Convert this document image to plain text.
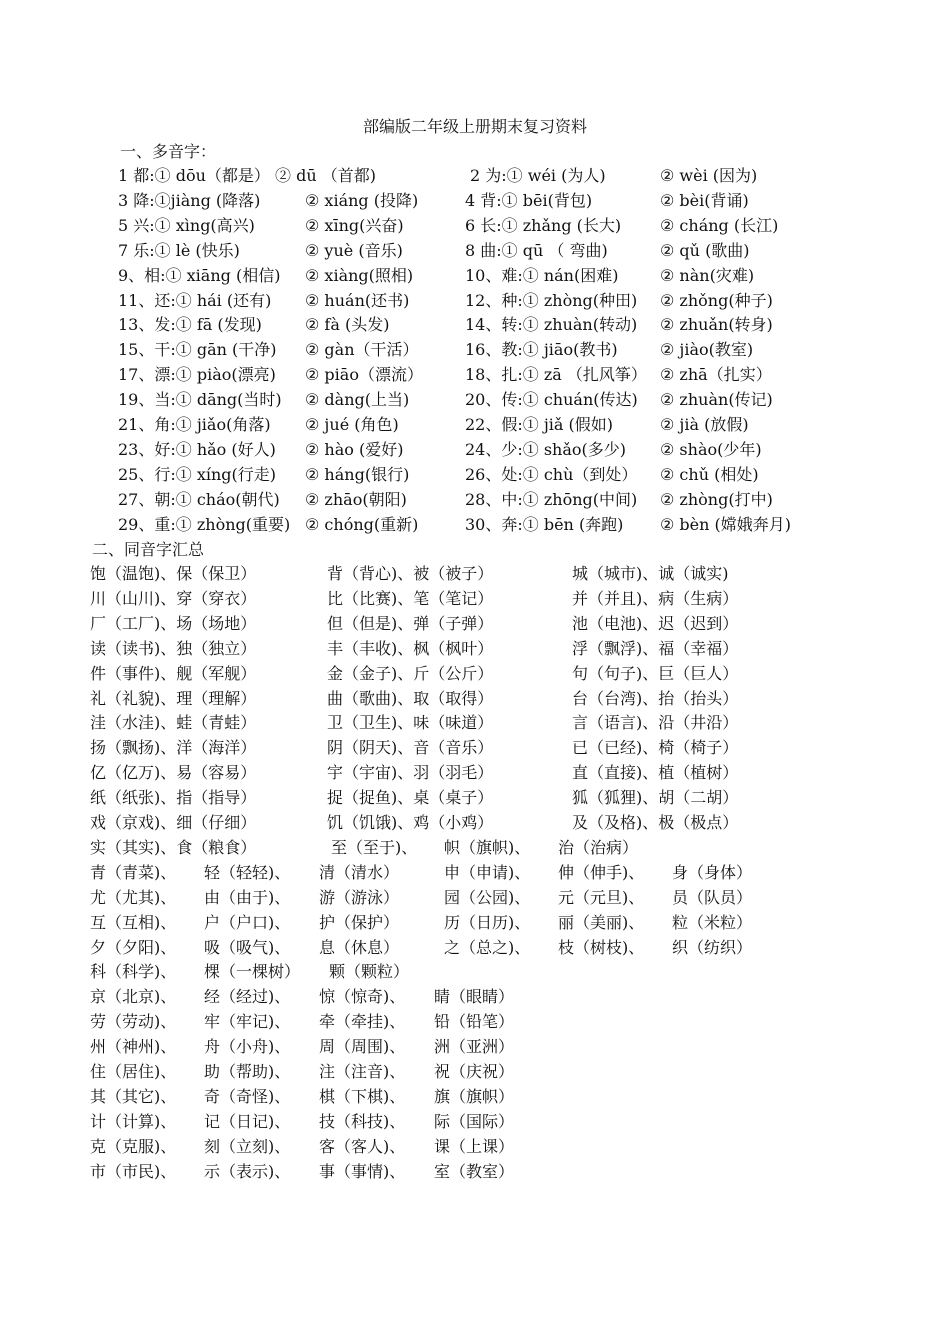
部编版二年级上册期末复习资料
一、多音字：
二、同音字汇总
1 都:① dōu（都是） ② dū （首都)	2 为:① wéi (为人)	② wèi (因为)
3 降:①jiàng (降落)	② xiáng (投降)	4 背:① bēi(背包)	② bèi(背诵)
5 兴:① xìng(高兴)	② xīng(兴奋)	6 长:① zhǎng (长大) ② cháng (长江)
7 乐:① lè (快乐)	② yuè (音乐)	8 曲:① qū （ 弯曲)	② qǔ (歌曲)
9、相:① xiāng (相信) ② xiàng(照相)	10、难:① nán(困难)	② nàn(灾难)
11、还:① hái (还有) ② huán(还书)	12、种:① zhòng(种田) ② zhǒng(种子)
13、发:① fā (发现)	② fà (头发)	14、转:① zhuàn(转动) ② zhuǎn(转身)
15、干:① gān (干净) ② gàn（干活）	16、教:① jiāo(教书)	② jiào(教室)
17、漂:① piào(漂亮) ② piāo（漂流）	18、扎:① zā （扎风筝） ② zhā（扎实）
19、当:① dāng(当时) ② dàng(上当)	20、传:① chuán(传达) ② zhuàn(传记)
21、角:① jiǎo(角落) ② jué (角色)	22、假:① jiǎ (假如)	② jià (放假)
23、好:① hǎo (好人) ② hào (爱好)	24、少:① shǎo(多少) ② shào(少年)
25、行:① xíng(行走) ② háng(银行)	26、处:① chù（到处） ② chǔ (相处)
27、朝:① cháo(朝代) ② zhāo(朝阳)	28、中:① zhōng(中间) ② zhòng(打中)
29、重:① zhòng(重要) ② chóng(重新)	30、奔:① bēn (奔跑) ② bèn (嫦娥奔月)
饱（温饱)、保（保卫）	背（背心)、被（被子）	城（城市)、诚（诚实)
川（山川)、穿（穿衣）	比（比赛)、笔（笔记）	并（并且)、病（生病）
厂（工厂)、场（场地）	但（但是)、弹（子弹）	池（电池)、迟（迟到）
读（读书)、独（独立）	丰（丰收)、枫（枫叶）	浮（飘浮)、福（幸福）
件（事件)、舰（军舰）	金（金子)、斤（公斤）	句（句子)、巨（巨人）
礼（礼貌)、理（理解）	曲（歌曲)、取（取得）	台（台湾)、抬（抬头）
洼（水洼)、蛙（青蛙）	卫（卫生)、味（味道）	言（语言)、沿（井沿）
扬（飘扬)、洋（海洋）	阴（阴天)、音（音乐）	已（已经)、椅（椅子）
亿（亿万)、易（容易）	宇（宇宙)、羽（羽毛）	直（直接)、植（植树）
纸（纸张)、指（指导）	捉（捉鱼)、桌（桌子）	狐（狐狸)、胡（二胡）
戏（京戏)、细（仔细）	饥（饥饿)、鸡（小鸡）	及（及格)、极（极点）
实（其实)、食（粮食）	至（至于)、 帜（旗帜)、 治（治病）
青（青菜)、 轻（轻轻)、 清（清水）	申（申请)、 伸（伸手)、 身（身体）
尤（尤其)、 由（由于)、 游（游泳）	园（公园)、 元（元旦)、 员（队员）
互（互相)、 户（户口)、 护（保护）	历（日历)、 丽（美丽)、 粒（米粒）
夕（夕阳)、 吸（吸气)、 息（休息）	之（总之)、 枝（树枝)、 织（纺织）
科（科学)、 棵（一棵树） 颗（颗粒）
京（北京)、 经（经过)、 惊（惊奇)、 睛（眼睛）
劳（劳动)、 牢（牢记)、 牵（牵挂)、 铅（铅笔）
州（神州)、 舟（小舟)、 周（周围)、 洲（亚洲）
住（居住)、 助（帮助)、 注（注音)、 祝（庆祝）
其（其它)、 奇（奇怪)、 棋（下棋)、 旗（旗帜）
计（计算)、 记（日记)、 技（科技)、 际（国际）
克（克服)、 刻（立刻)、 客（客人)、 课（上课）
市（市民)、 示（表示)、 事（事情)、 室（教室）
